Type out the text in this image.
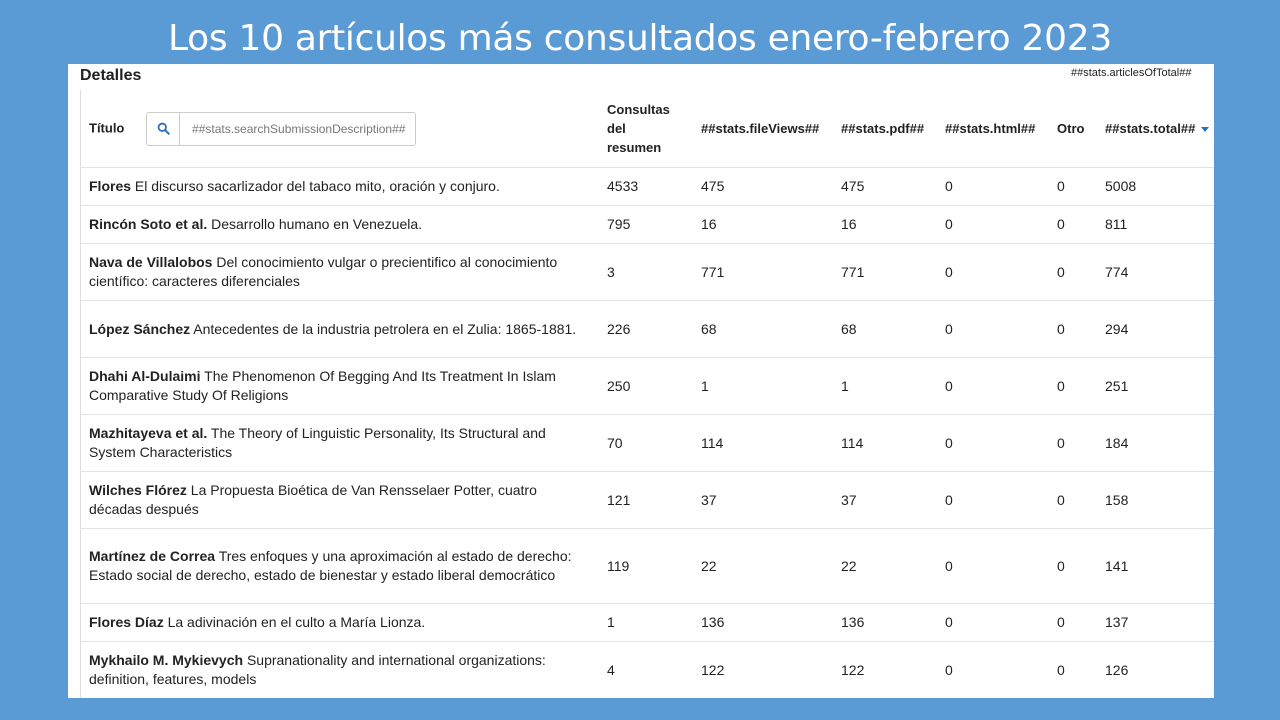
Los 10 artículos más consultados enero-febrero 2023
Detalles	##stats.articlesOfTotal##
Título
##stats.searchSubmissionDescription##	Consultas del resumen	##stats.fileViews##	##stats.pdf##	##stats.html##	Otro	##stats.total##
Flores El discurso sacarlizador del tabaco mito, oración y conjuro.	4533	475	475	0	0	5008
Rincón Soto et al. Desarrollo humano en Venezuela.	795	16	16	0	0	811
Nava de Villalobos Del conocimiento vulgar o precientifico al conocimiento científico: caracteres diferenciales	3	771	771	0	0	774
López Sánchez Antecedentes de la industria petrolera en el Zulia: 1865-1881.	226	68	68	0	0	294
Dhahi Al-Dulaimi The Phenomenon Of Begging And Its Treatment In Islam Comparative Study Of Religions	250	1	1	0	0	251
Mazhitayeva et al. The Theory of Linguistic Personality, Its Structural and System Characteristics	70	114	114	0	0	184
Wilches Flórez La Propuesta Bioética de Van Rensselaer Potter, cuatro décadas después	121	37	37	0	0	158
Martínez de Correa Tres enfoques y una aproximación al estado de derecho: Estado social de derecho, estado de bienestar y estado liberal democrático	119	22	22	0	0	141
Flores Díaz La adivinación en el culto a María Lionza.	1	136	136	0	0	137
Mykhailo M. Mykievych Supranationality and international organizations: definition, features, models	4	122	122	0	0	126
